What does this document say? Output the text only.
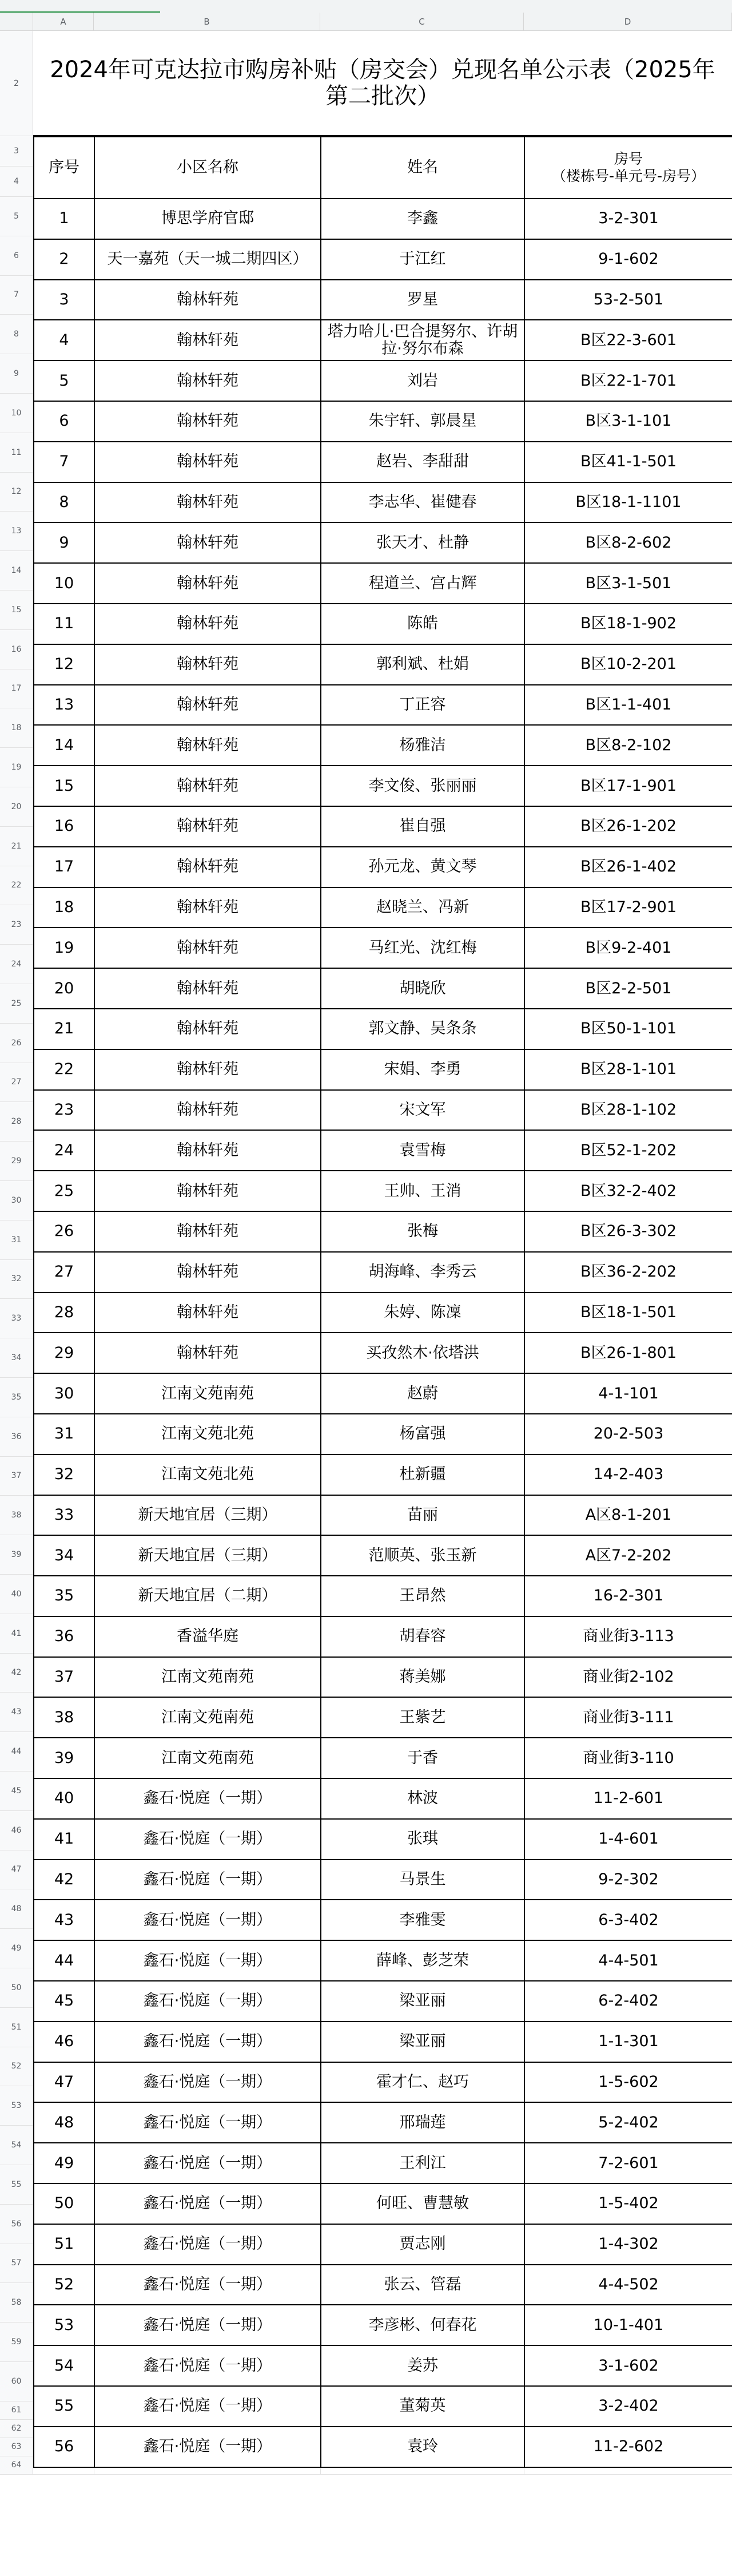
A	B	C	D
2
3
4
5
6
7
8
9
10
11
12
13
14
15
16
17
18
19
20
21
22
23
24
25
26
27
28
29
30
31
32
33
34
35
36
37
38
39
40
41
42
43
44
45
46
47
48
49
50
51
52
53
54
55
56
57
58
59
60
61
62
63
64
2024年可克达拉市购房补贴（房交会）兑现名单公示表（2025年第二批次）
序号	小区名称	姓名	房号
（楼栋号-单元号-房号）

1	博思学府官邸	李鑫	3-2-301
2	天一嘉苑（天一城二期四区）	于江红	9-1-602
3	翰林轩苑	罗星	53-2-501
4	翰林轩苑	塔力哈儿·巴合提努尔、许胡拉·努尔布森	B区22-3-601
5	翰林轩苑	刘岩	B区22-1-701
6	翰林轩苑	朱宇轩、郭晨星	B区3-1-101
7	翰林轩苑	赵岩、李甜甜	B区41-1-501
8	翰林轩苑	李志华、崔健春	B区18-1-1101
9	翰林轩苑	张天才、杜静	B区8-2-602
10	翰林轩苑	程道兰、宫占辉	B区3-1-501
11	翰林轩苑	陈皓	B区18-1-902
12	翰林轩苑	郭利斌、杜娟	B区10-2-201
13	翰林轩苑	丁正容	B区1-1-401
14	翰林轩苑	杨雅洁	B区8-2-102
15	翰林轩苑	李文俊、张丽丽	B区17-1-901
16	翰林轩苑	崔自强	B区26-1-202
17	翰林轩苑	孙元龙、黄文琴	B区26-1-402
18	翰林轩苑	赵晓兰、冯新	B区17-2-901
19	翰林轩苑	马红光、沈红梅	B区9-2-401
20	翰林轩苑	胡晓欣	B区2-2-501
21	翰林轩苑	郭文静、吴条条	B区50-1-101
22	翰林轩苑	宋娟、李勇	B区28-1-101
23	翰林轩苑	宋文军	B区28-1-102
24	翰林轩苑	袁雪梅	B区52-1-202
25	翰林轩苑	王帅、王消	B区32-2-402
26	翰林轩苑	张梅	B区26-3-302
27	翰林轩苑	胡海峰、李秀云	B区36-2-202
28	翰林轩苑	朱婷、陈凜	B区18-1-501
29	翰林轩苑	买孜然木·依塔洪	B区26-1-801
30	江南文苑南苑	赵蔚	4-1-101
31	江南文苑北苑	杨富强	20-2-503
32	江南文苑北苑	杜新疆	14-2-403
33	新天地宜居（三期）	苗丽	A区8-1-201
34	新天地宜居（三期）	范顺英、张玉新	A区7-2-202
35	新天地宜居（二期）	王昂然	16-2-301
36	香溢华庭	胡春容	商业街3-113
37	江南文苑南苑	蒋美娜	商业街2-102
38	江南文苑南苑	王紫艺	商业街3-111
39	江南文苑南苑	于香	商业街3-110
40	鑫石·悦庭（一期）	林波	11-2-601
41	鑫石·悦庭（一期）	张琪	1-4-601
42	鑫石·悦庭（一期）	马景生	9-2-302
43	鑫石·悦庭（一期）	李雅雯	6-3-402
44	鑫石·悦庭（一期）	薛峰、彭芝荣	4-4-501
45	鑫石·悦庭（一期）	梁亚丽	6-2-402
46	鑫石·悦庭（一期）	梁亚丽	1-1-301
47	鑫石·悦庭（一期）	霍才仁、赵巧	1-5-602
48	鑫石·悦庭（一期）	邢瑞莲	5-2-402
49	鑫石·悦庭（一期）	王利江	7-2-601
50	鑫石·悦庭（一期）	何旺、曹慧敏	1-5-402
51	鑫石·悦庭（一期）	贾志刚	1-4-302
52	鑫石·悦庭（一期）	张云、管磊	4-4-502
53	鑫石·悦庭（一期）	李彦彬、何春花	10-1-401
54	鑫石·悦庭（一期）	姜苏	3-1-602
55	鑫石·悦庭（一期）	董菊英	3-2-402
56	鑫石·悦庭（一期）	袁玲	11-2-602
